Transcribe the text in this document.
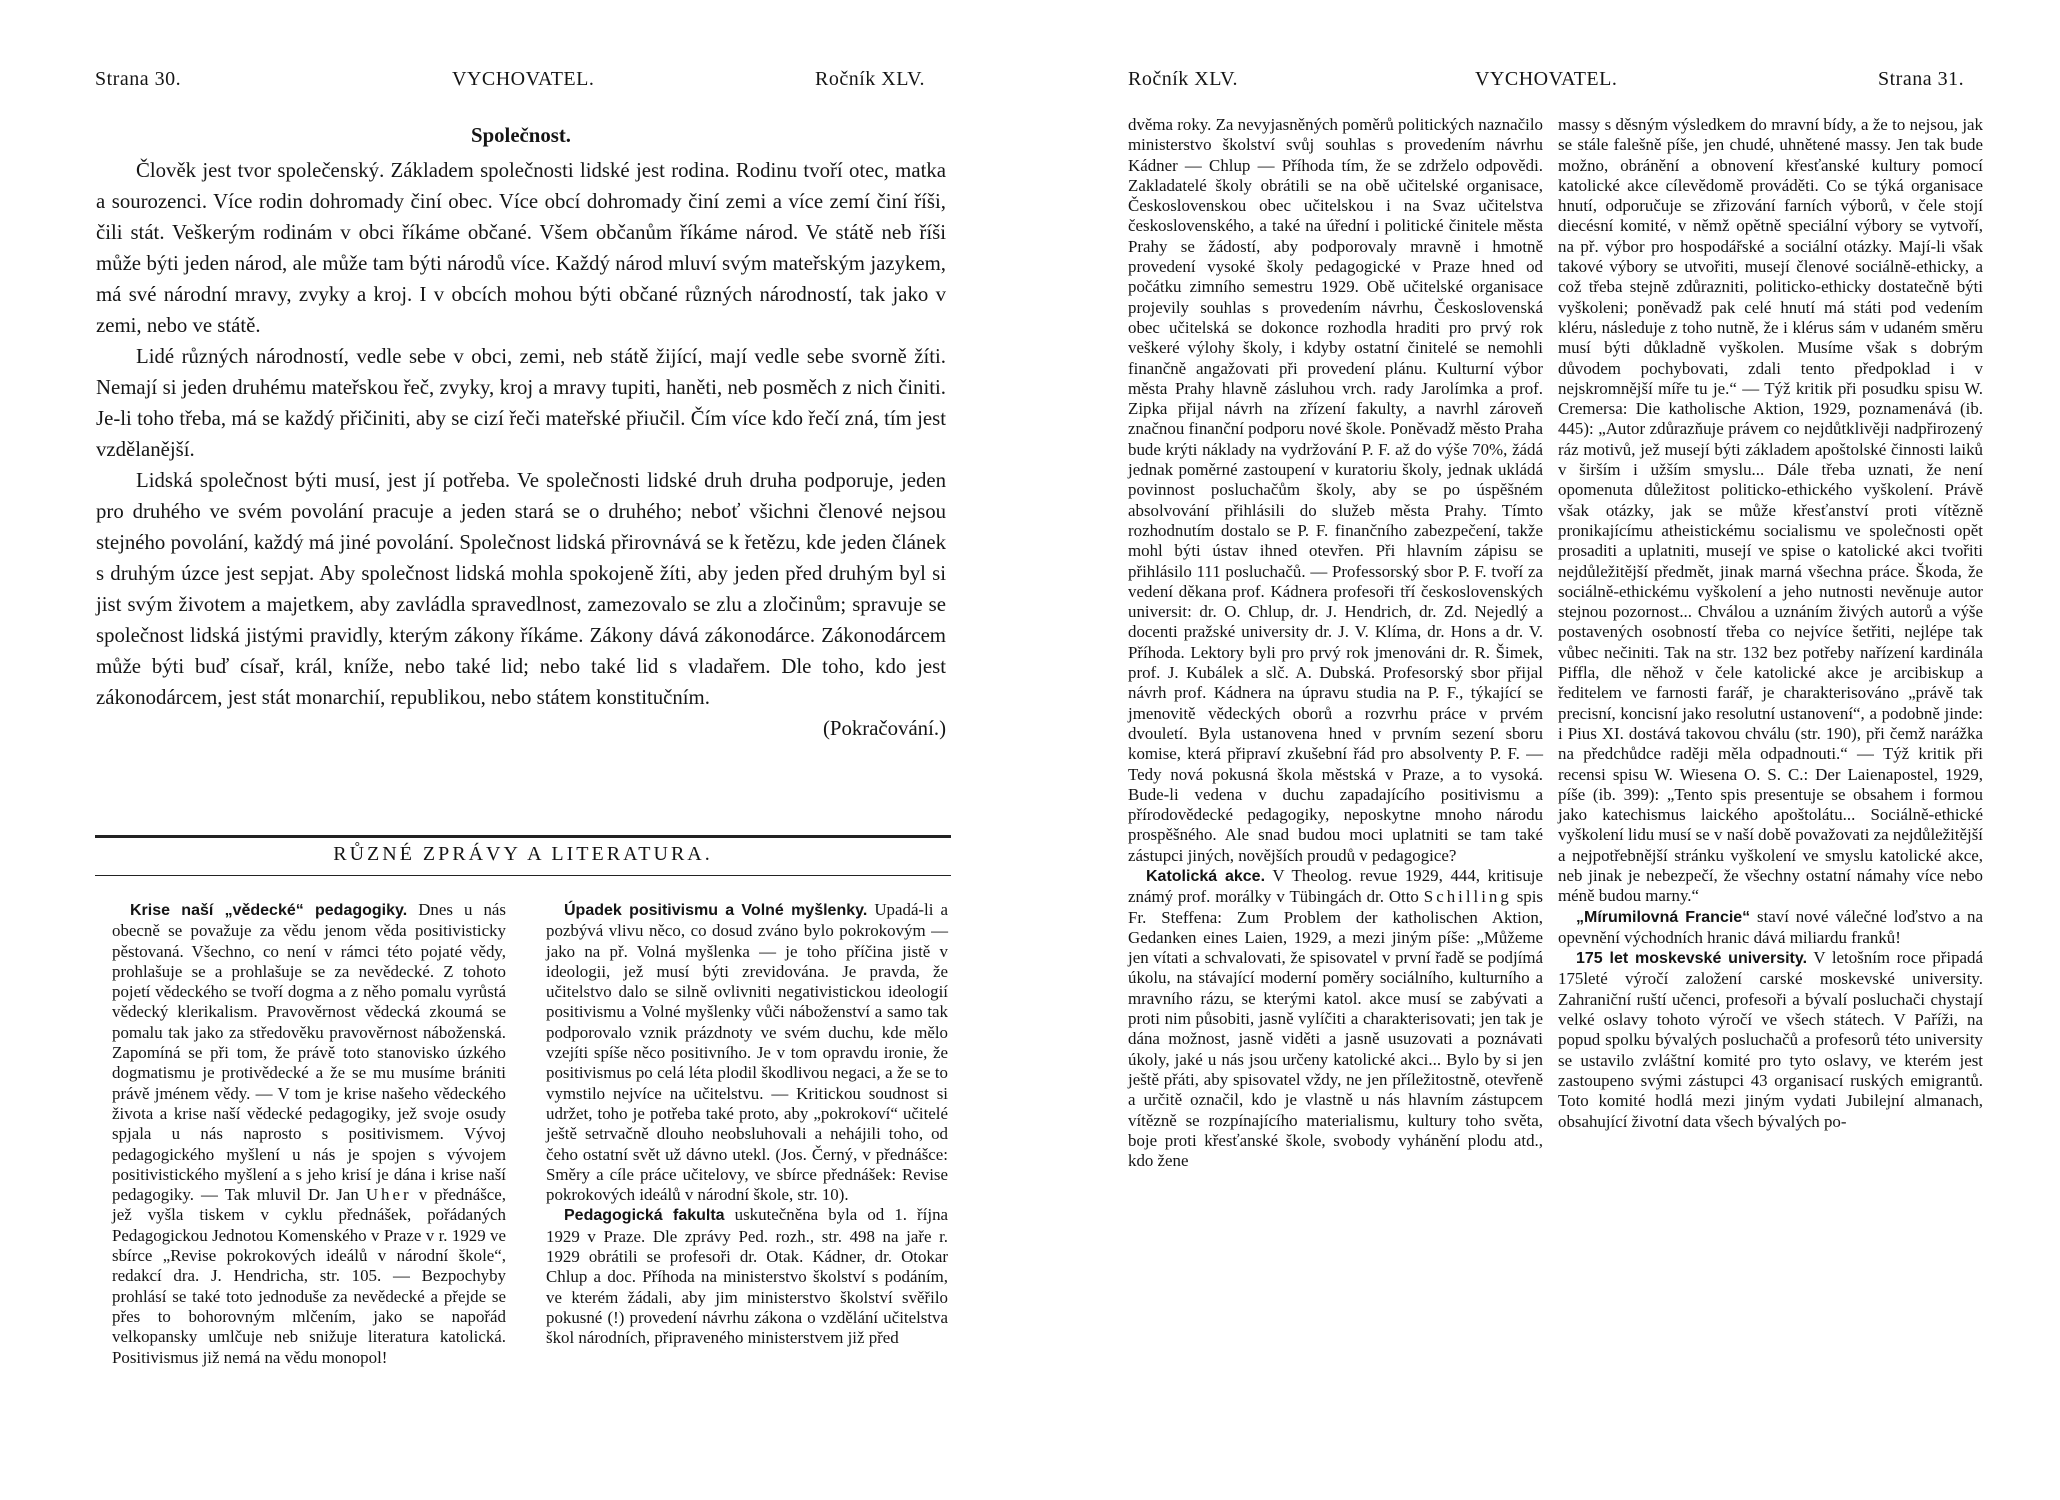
Strana 30.	VYCHOVATEL.	Ročník XLV.
Společnost.

Člověk jest tvor společenský. Základem společnosti lidské jest rodina. Rodinu tvoří otec, matka a sourozenci. Více rodin dohromady činí obec. Více obcí dohromady činí zemi a více zemí činí říši, čili stát. Veškerým rodinám v obci říkáme občané. Všem občanům říkáme národ. Ve státě neb říši může býti jeden národ, ale může tam býti národů více. Každý národ mluví svým mateřským jazykem, má své národní mravy, zvyky a kroj. I v obcích mohou býti občané různých národností, tak jako v zemi, nebo ve státě.

Lidé různých národností, vedle sebe v obci, zemi, neb státě žijící, mají vedle sebe svorně žíti. Nemají si jeden druhému mateřskou řeč, zvyky, kroj a mravy tupiti, haněti, neb posměch z nich činiti. Je-li toho třeba, má se každý přičiniti, aby se cizí řeči mateřské přiučil. Čím více kdo řečí zná, tím jest vzdělanější.

Lidská společnost býti musí, jest jí potřeba. Ve společnosti lidské druh druha podporuje, jeden pro druhého ve svém povolání pracuje a jeden stará se o druhého; neboť všichni členové nejsou stejného povolání, každý má jiné povolání. Společnost lidská přirovnává se k řetězu, kde jeden článek s druhým úzce jest sepjat. Aby společnost lidská mohla spokojeně žíti, aby jeden před druhým byl si jist svým životem a majetkem, aby zavládla spravedlnost, zamezovalo se zlu a zločinům; spravuje se společnost lidská jistými pravidly, kterým zákony říkáme. Zákony dává zákonodárce. Zákonodárcem může býti buď císař, král, kníže, nebo také lid; nebo také lid s vladařem. Dle toho, kdo jest zákonodárcem, jest stát monarchií, republikou, nebo státem konstitučním.

(Pokračování.)
RŮZNÉ ZPRÁVY A LITERATURA.

Krise naší „vědecké“ pedagogiky. Dnes u nás obecně se považuje za vědu jenom věda positivisticky pěstovaná. Všechno, co není v rámci této pojaté vědy, prohlašuje se a prohlašuje se za nevědecké. Z tohoto pojetí vědeckého se tvoří dogma a z něho pomalu vyrůstá vědecký klerikalism. Pravověrnost vědecká zkoumá se pomalu tak jako za středověku pravověrnost náboženská. Zapomíná se při tom, že právě toto stanovisko úzkého dogmatismu je protivědecké a že se mu musíme brániti právě jménem vědy. — V tom je krise našeho vědeckého života a krise naší vědecké pedagogiky, jež svoje osudy spjala u nás naprosto s positivismem. Vývoj pedagogického myšlení u nás je spojen s vývojem positivistického myšlení a s jeho krisí je dána i krise naší pedagogiky. — Tak mluvil Dr. Jan Uher v přednášce, jež vyšla tiskem v cyklu přednášek, pořádaných Pedagogickou Jednotou Komenského v Praze v r. 1929 ve sbírce „Revise pokrokových ideálů v národní škole“, redakcí dra. J. Hendricha, str. 105. — Bezpochyby prohlásí se také toto jednoduše za nevědecké a přejde se přes to bohorovným mlčením, jako se napořád velkopansky umlčuje neb snižuje literatura katolická. Positivismus již nemá na vědu monopol!

Úpadek positivismu a Volné myšlenky. Upadá-li a pozbývá vlivu něco, co dosud zváno bylo pokrokovým — jako na př. Volná myšlenka — je toho příčina jistě v ideologii, jež musí býti zrevidována. Je pravda, že učitelstvo dalo se silně ovlivniti negativistickou ideologií positivismu a Volné myšlenky vůči náboženství a samo tak podporovalo vznik prázdnoty ve svém duchu, kde mělo vzejíti spíše něco positivního. Je v tom opravdu ironie, že positivismus po celá léta plodil škodlivou negaci, a že se to vymstilo nejvíce na učitelstvu. — Kritickou soudnost si udržet, toho je potřeba také proto, aby „pokrokoví“ učitelé ještě setrvačně dlouho neobsluhovali a nehájili toho, od čeho ostatní svět už dávno utekl. (Jos. Černý, v přednášce: Směry a cíle práce učitelovy, ve sbírce přednášek: Revise pokrokových ideálů v národní škole, str. 10).

Pedagogická fakulta uskutečněna byla od 1. října 1929 v Praze. Dle zprávy Ped. rozh., str. 498 na jaře r. 1929 obrátili se profesoři dr. Otak. Kádner, dr. Otokar Chlup a doc. Příhoda na ministerstvo školství s podáním, ve kterém žádali, aby jim ministerstvo školství svěřilo pokusné (!) provedení návrhu zákona o vzdělání učitelstva škol národních, připraveného ministerstvem již před

Ročník XLV.	VYCHOVATEL.	Strana 31.

dvěma roky. Za nevyjasněných poměrů politických naznačilo ministerstvo školství svůj souhlas s provedením návrhu Kádner — Chlup — Příhoda tím, že se zdrželo odpovědi. Zakladatelé školy obrátili se na obě učitelské organisace, Československou obec učitelskou i na Svaz učitelstva československého, a také na úřední i politické činitele města Prahy se žádostí, aby podporovaly mravně i hmotně provedení vysoké školy pedagogické v Praze hned od počátku zimního semestru 1929. Obě učitelské organisace projevily souhlas s provedením návrhu, Československá obec učitelská se dokonce rozhodla hraditi pro prvý rok veškeré výlohy školy, i kdyby ostatní činitelé se nemohli finančně angažovati při provedení plánu. Kulturní výbor města Prahy hlavně zásluhou vrch. rady Jarolímka a prof. Zipka přijal návrh na zřízení fakulty, a navrhl zároveň značnou finanční podporu nové škole. Poněvadž město Praha bude krýti náklady na vydržování P. F. až do výše 70%, žádá jednak poměrné zastoupení v kuratoriu školy, jednak ukládá povinnost posluchačům školy, aby se po úspěšném absolvování přihlásili do služeb města Prahy. Tímto rozhodnutím dostalo se P. F. finančního zabezpečení, takže mohl býti ústav ihned otevřen. Při hlavním zápisu se přihlásilo 111 posluchačů. — Professorský sbor P. F. tvoří za vedení děkana prof. Kádnera profesoři tří československých universit: dr. O. Chlup, dr. J. Hendrich, dr. Zd. Nejedlý a docenti pražské university dr. J. V. Klíma, dr. Hons a dr. V. Příhoda. Lektory byli pro prvý rok jmenováni dr. R. Šimek, prof. J. Kubálek a slč. A. Dubská. Profesorský sbor přijal návrh prof. Kádnera na úpravu studia na P. F., týkající se jmenovitě vědeckých oborů a rozvrhu práce v prvém dvouletí. Byla ustanovena hned v prvním sezení sboru komise, která připraví zkušební řád pro absolventy P. F. — Tedy nová pokusná škola městská v Praze, a to vysoká. Bude-li vedena v duchu zapadajícího positivismu a přírodovědecké pedagogiky, neposkytne mnoho národu prospěšného. Ale snad budou moci uplatniti se tam také zástupci jiných, novějších proudů v pedagogice?

Katolická akce. V Theolog. revue 1929, 444, kritisuje známý prof. morálky v Tübingách dr. Otto Schilling spis Fr. Steffena: Zum Problem der katholischen Aktion, Gedanken eines Laien, 1929, a mezi jiným píše: „Můžeme jen vítati a schvalovati, že spisovatel v první řadě se podjímá úkolu, na stávající moderní poměry sociálního, kulturního a mravního rázu, se kterými katol. akce musí se zabývati a proti nim působiti, jasně vylíčiti a charakterisovati; jen tak je dána možnost, jasně viděti a jasně usuzovati a poznávati úkoly, jaké u nás jsou určeny katolické akci... Bylo by si jen ještě přáti, aby spisovatel vždy, ne jen příležitostně, otevřeně a určitě označil, kdo je vlastně u nás hlavním zástupcem vítězně se rozpínajícího materialismu, kultury toho světa, boje proti křesťanské škole, svobody vyhánění plodu atd., kdo žene

massy s děsným výsledkem do mravní bídy, a že to nejsou, jak se stále falešně píše, jen chudé, uhnětené massy. Jen tak bude možno, obránění a obnovení křesťanské kultury pomocí katolické akce cílevědomě prováděti. Co se týká organisace hnutí, odporučuje se zřizování farních výborů, v čele stojí diecésní komité, v němž opětně speciální výbory se vytvoří, na př. výbor pro hospodářské a sociální otázky. Mají-li však takové výbory se utvořiti, musejí členové sociálně-ethicky, a což třeba stejně zdůrazniti, politicko-ethicky dostatečně býti vyškoleni; poněvadž pak celé hnutí má státi pod vedením kléru, následuje z toho nutně, že i klérus sám v udaném směru musí býti důkladně vyškolen. Musíme však s dobrým důvodem pochybovati, zdali tento předpoklad i v nejskromnější míře tu je.“ — Týž kritik při posudku spisu W. Cremersa: Die katholische Aktion, 1929, poznamenává (ib. 445): „Autor zdůrazňuje právem co nejdůtklivěji nadpřirozený ráz motivů, jež musejí býti základem apoštolské činnosti laiků v širším i užším smyslu... Dále třeba uznati, že není opomenuta důležitost politicko-ethického vyškolení. Právě však otázky, jak se může křesťanství proti vítězně pronikajícímu atheistickému socialismu ve společnosti opět prosaditi a uplatniti, musejí ve spise o katolické akci tvořiti nejdůležitější předmět, jinak marná všechna práce. Škoda, že sociálně-ethickému vyškolení a jeho nutnosti nevěnuje autor stejnou pozornost... Chválou a uznáním živých autorů a výše postavených osobností třeba co nejvíce šetřiti, nejlépe tak vůbec nečiniti. Tak na str. 132 bez potřeby nařízení kardinála Piffla, dle něhož v čele katolické akce je arcibiskup a ředitelem ve farnosti farář, je charakterisováno „právě tak precisní, koncisní jako resolutní ustanovení“, a podobně jinde: i Pius XI. dostává takovou chválu (str. 190), při čemž narážka na předchůdce raději měla odpadnouti.“ — Týž kritik při recensi spisu W. Wiesena O. S. C.: Der Laienapostel, 1929, píše (ib. 399): „Tento spis presentuje se obsahem i formou jako katechismus laického apoštolátu... Sociálně-ethické vyškolení lidu musí se v naší době považovati za nejdůležitější a nejpotřebnější stránku vyškolení ve smyslu katolické akce, neb jinak je nebezpečí, že všechny ostatní námahy více nebo méně budou marny.“

„Mírumilovná Francie“ staví nové válečné loďstvo a na opevnění východních hranic dává miliardu franků!

175 let moskevské university. V letošním roce připadá 175leté výročí založení carské moskevské university. Zahraniční ruští učenci, profesoři a bývalí posluchači chystají velké oslavy tohoto výročí ve všech státech. V Paříži, na popud spolku bývalých posluchačů a profesorů této university se ustavilo zvláštní komité pro tyto oslavy, ve kterém jest zastoupeno svými zástupci 43 organisací ruských emigrantů. Toto komité hodlá mezi jiným vydati Jubilejní almanach, obsahující životní data všech bývalých po-
